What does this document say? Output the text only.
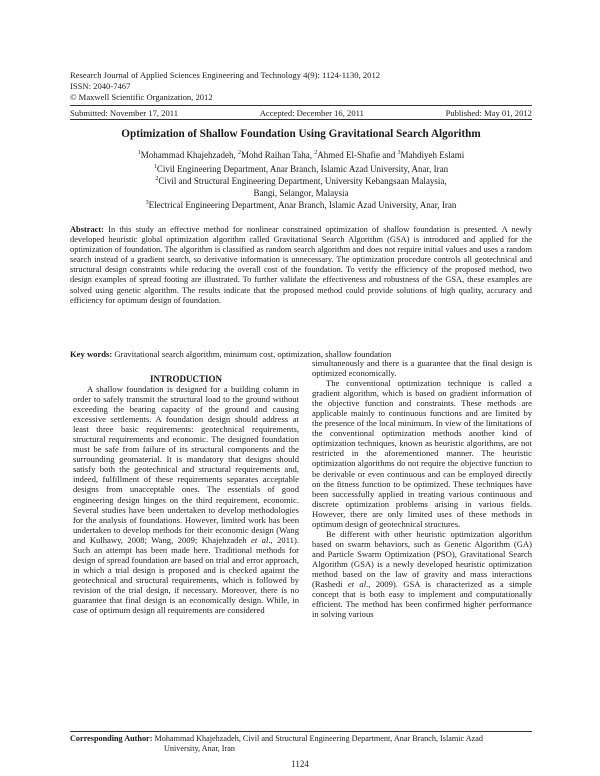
Research Journal of Applied Sciences Engineering and Technology 4(9): 1124-1130, 2012
ISSN: 2040-7467
© Maxwell Scientific Organization, 2012
Submitted: November 17, 2011	Accepted: December 16, 2011	Published: May 01, 2012
Optimization of Shallow Foundation Using Gravitational Search Algorithm
$^1$Mohammad Khajehzadeh, $^2$Mohd Raihan Taha, $^2$Ahmed El-Shafie and $^3$Mahdiyeh Eslami
$^1$Civil Engineering Department, Anar Branch, Islamic Azad University, Anar, Iran
$^2$Civil and Structural Engineering Department, University Kebangsaan Malaysia,
Bangi, Selangor, Malaysia
$^3$Electrical Engineering Department, Anar Branch, Islamic Azad University, Anar, Iran
Abstract: In this study an effective method for nonlinear constrained optimization of shallow foundation is presented. A newly developed heuristic global optimization algorithm called Gravitational Search Algorithm (GSA) is introduced and applied for the optimization of foundation. The algorithm is classified as random search algorithm and does not require initial values and uses a random search instead of a gradient search, so derivative information is unnecessary. The optimization procedure controls all geotechnical and structural design constraints while reducing the overall cost of the foundation. To verify the efficiency of the proposed method, two design examples of spread footing are illustrated. To further validate the effectiveness and robustness of the GSA, these examples are solved using genetic algorithm. The results indicate that the proposed method could provide solutions of high quality, accuracy and efficiency for optimum design of foundation.
Key words: Gravitational search algorithm, minimum cost, optimization, shallow foundation
INTRODUCTION

A shallow foundation is designed for a building column in order to safely transmit the structural load to the ground without exceeding the bearing capacity of the ground and causing excessive settlements. A foundation design should address at least three basic requirements: geotechnical requirements, structural requirements and economic. The designed foundation must be safe from failure of its structural components and the surrounding geomaterial. It is mandatory that designs should satisfy both the geotechnical and structural requirements and, indeed, fulfillment of these requirements separates acceptable designs from unacceptable ones. The essentials of good engineering design hinges on the third requirement, economic. Several studies have been undertaken to develop methodologies for the analysis of foundations. However, limited work has been undertaken to develop methods for their economic design (Wang and Kulhawy, 2008; Wang, 2009; Khajehzadeh et al., 2011). Such an attempt has been made here. Traditional methods for design of spread foundation are based on trial and error approach, in which a trial design is proposed and is checked against the geotechnical and structural requirements, which is followed by revision of the trial design, if necessary. Moreover, there is no guarantee that final design is an economically design. While, in case of optimum design all requirements are considered

simultaneously and there is a guarantee that the final design is optimized economically.

The conventional optimization technique is called a gradient algorithm, which is based on gradient information of the objective function and constraints. These methods are applicable mainly to continuous functions and are limited by the presence of the local minimum. In view of the limitations of the conventional optimization methods another kind of optimization techniques, known as heuristic algorithms, are not restricted in the aforementioned manner. The heuristic optimization algorithms do not require the objective function to be derivable or even continuous and can be employed directly on the fitness function to be optimized. These techniques have been successfully applied in treating various continuous and discrete optimization problems arising in various fields. However, there are only limited uses of these methods in optimum design of geotechnical structures.

Be different with other heuristic optimization algorithm based on swarm behaviors, such as Genetic Algorithm (GA) and Particle Swarm Optimization (PSO), Gravitational Search Algorithm (GSA) is a newly developed heuristic optimization method based on the law of gravity and mass interactions (Rashedi et al., 2009). GSA is characterized as a simple concept that is both easy to implement and computationally efficient. The method has been confirmed higher performance in solving various

Corresponding Author: Mohammad Khajehzadeh, Civil and Structural Engineering Department, Anar Branch, Islamic Azad
University, Anar, Iran
1124
